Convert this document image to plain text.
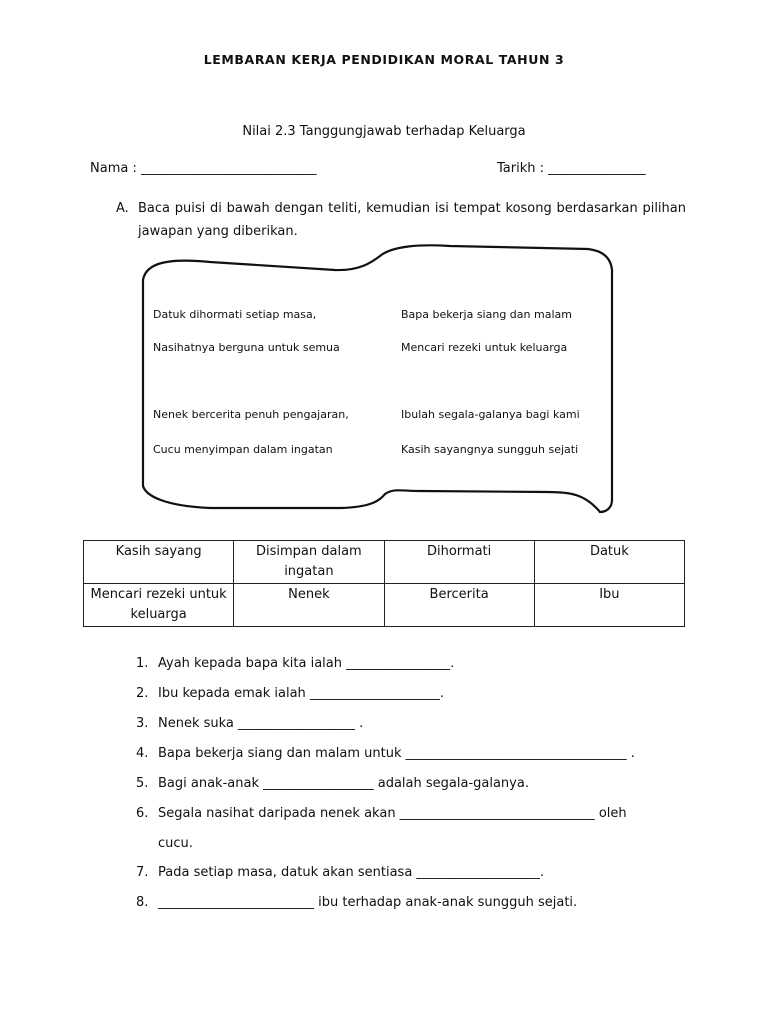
LEMBARAN KERJA PENDIDIKAN MORAL TAHUN 3
Nilai 2.3 Tanggungjawab terhadap Keluarga
Nama : ___________________________	Tarikh : _______________
A. Baca puisi di bawah dengan teliti, kemudian isi tempat kosong berdasarkan pilihan jawapan yang diberikan.
Datuk dihormati setiap masa,
Nasihatnya berguna untuk semua
Nenek bercerita penuh pengajaran,
Cucu menyimpan dalam ingatan
Bapa bekerja siang dan malam
Mencari rezeki untuk keluarga
Ibulah segala-galanya bagi kami
Kasih sayangnya sungguh sejati
Kasih sayang	Disimpan dalam ingatan	Dihormati	Datuk
Mencari rezeki untuk keluarga	Nenek	Bercerita	Ibu
1. Ayah kepada bapa kita ialah ________________.
2. Ibu kepada emak ialah ____________________.
3. Nenek suka __________________ .
4. Bapa bekerja siang dan malam untuk __________________________________ .
5. Bagi anak-anak _________________ adalah segala-galanya.
6. Segala nasihat daripada nenek akan ______________________________ oleh
cucu.
7. Pada setiap masa, datuk akan sentiasa ___________________.
8. ________________________ ibu terhadap anak-anak sungguh sejati.
